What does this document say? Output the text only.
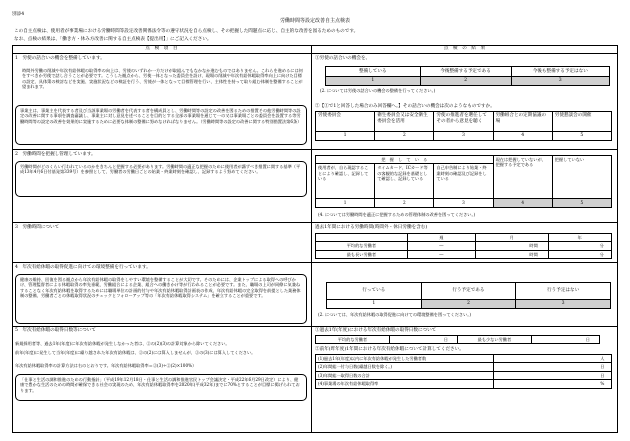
別添4
労働時間等設定改善自主点検表
この自主点検は、使用者が事業場における労働時間等設定改善関係法令等の遵守状況を自ら点検し、その把握した問題点に応じ、自主的な改善を図るためのものです。
なお、点検の結果は、「働き方・休み方改善に関する自主点検表【提出用】」にご記入ください。
点　検　項　目	点　検　の　結　果
1　労使の話合いの機会を整備しています。
時間外労働の削減や年次有給休暇の取得率の向上は、労使のいずれか一方だけが取組んでもなかなか進むものではありません。これらを進めるには何をすべきか労使で話し合うことが必要です。こうした観点から、労使一体となった委員会を設け、現場の削減や年次有給休暇取得率向上に向けた目標の設定、具体策の検討などを実施、実施状況などの検証を行う、労使が一体となって目標管理を行い、主体性を持って取り組む体制を整備することが望まれます。
事業主は、事業主を代表する者及び当該事業場の労働者を代表する者を構成員とし、労働時間等の設定の改善を図るための措置その他労働時間等の設定の改善に関する事項を調査審議し、事業主に対し意見を述べることを目的とする全部の事業場を通じて一の又は事業場ごとの委員会を設置する等労働時間等の設定の改善を効果的に実施するために必要な体制の整備に努めなければなりません。（労働時間等の設定の改善に関する特別措置法第6条）
①労使の話合いの機会を、
整備している	今後整備する予定である	今後も整備する予定はない
1	2	3
(2. については労使の話合いの機会の整備を行ってください。)
②【①で1と回答した場合のみ回答欄へ。】その話合いの機会は次のようなものですか。
労使委員会	衛生委員会又は安全衛生委員会を活用	労使の推進者を選任してその者から意見を聴く	労働組合との定期協議の場	労使懇談会の開催
1	2	3	4	5
2　労働時間を把握し管理しています。
労働時間がどのくらい行われているのかをきちんと把握する必要があります。労働時間の適正な把握のために使用者が講ずべき措置に関する基準（平成13年4月6日付基発第339号）を参照として、労働者の労働日ごとの始業・終業時刻を確認し、記録するよう努めてください。
把　握　し　て　い　る			現在は把握していないが、把握する予定である	把握していない
使用者が、自ら現認することにより確認し、記録している	タイムカード、ICカード等の客観的な記録を基礎として確認し、記録している	自己申告制により始業・終業時刻の確認及び記録をしている		
1	2	3	4	5
(4. については労働時間を適正に把握するための管理体制の改善を図ってください。)
3　労働時間について	過去1年間における労働時間(時間外・休日労働を含む)
	週	月		年	
平均的な労働者	―		時間		分
最も長い労働者	―		時間		分
4　年次有給休暇の取得促進に向けての環境整備を行っています。
健康の維持、回復を図る観点から年次有給休暇の取得をしやすい環境を整備することが大切です。そのためには、企業トップによる取得への呼びかけ、管理監督者による休暇取得の率先垂範、労働組合による企業、組合への働きかけ等が行われることが必要です。また、職場の上司が同僚に気兼ねすることなく年次有給休暇を取得するためには職場単位の計画的付与や年次有給休暇取得計画表の作成、年次有給休暇の完全取得を前提とした業務体制の整備、労働者ごとの休暇取得状況のチェックとフォローアップ等の「年次有給休暇取得システム」を確立することが重要です。
行っている	行う予定である	行う予定はない
1	2	3
(2. については、年次有給休暇の取得促進に向けての環境整備を図ってください。)
5　年次有給休暇の取得日数等について
新規採用者等、過去1年(年度)に年次有給休暇が発生しなかった者は、②の(2)(3)の計算対象から除いてください。
前年(年度)に発生して当年(年度)に繰り越された年次有給休暇は、②の(2)には算入しませんが、②の(3)には算入してください。
年次有給休暇取得率の計算方法は右のとおりです。年次有給休暇取得率＝②(3)÷②(2)×100%）
「仕事と生活の調和推進のための行動指針」（平成19年12月18日・仕事と生活の調和推進官民トップ会議決定・平成22年6月29日改定）により、健康で豊かな生活のための時間が確保できる社会の実現のため、年次有給休暇取得率を2020年(平成32年)までに70%とすることが目標に掲げられております。
①過去1年(年度)における年次有給休暇の取得日数について
平均的な労働者		日	最も少ない労働者		日
②前年(昨年度)1年間における年次有給休暇について計算してください。
(1)過去1年(年度)以内に年次有給休暇が発生した労働者数		人
(2)年間総一付与日数(繰越日数を除く。)		日
(3)年間総一取得日数の合計		日
(4)事業場の年次有給休暇取得率		%
